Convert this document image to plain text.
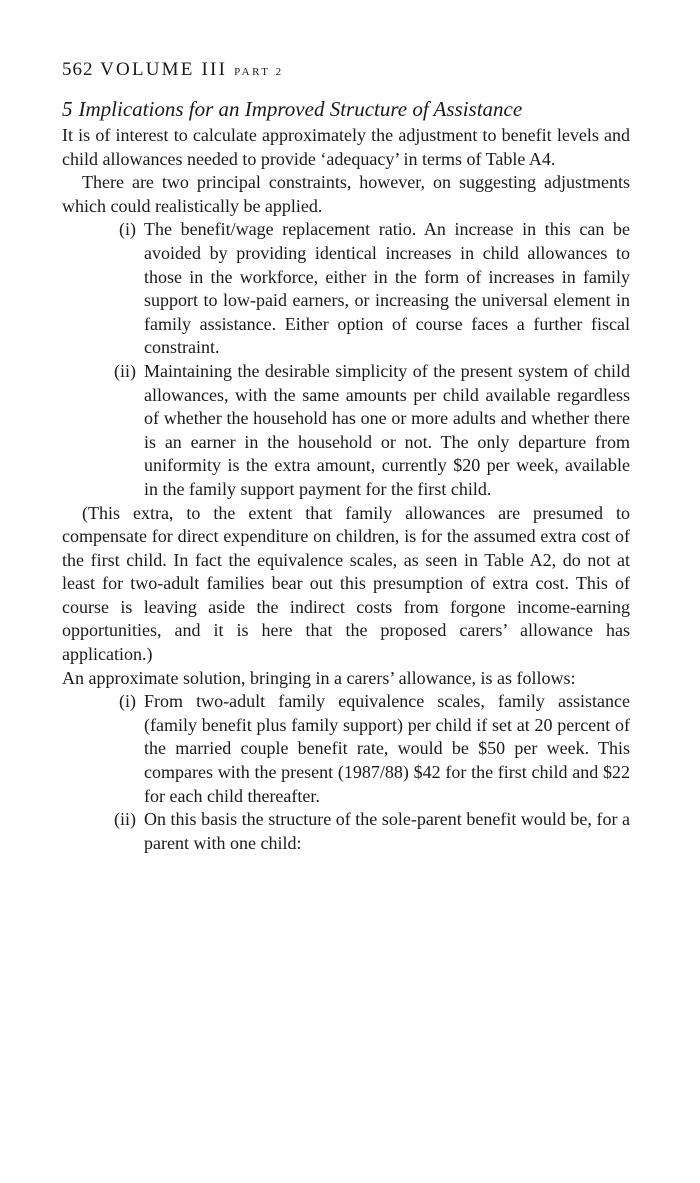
562 VOLUME III PART 2
5 Implications for an Improved Structure of Assistance

It is of interest to calculate approximately the adjustment to benefit levels and child allowances needed to provide ‘adequacy’ in terms of Table A4.

There are two principal constraints, however, on suggesting adjustments which could realistically be applied.

(i) The benefit/wage replacement ratio. An increase in this can be avoided by providing identical increases in child allowances to those in the workforce, either in the form of increases in family support to low-paid earners, or increasing the universal element in family assistance. Either option of course faces a further fiscal constraint.
(ii) Maintaining the desirable simplicity of the present system of child allowances, with the same amounts per child available regardless of whether the household has one or more adults and whether there is an earner in the household or not. The only departure from uniformity is the extra amount, currently $20 per week, available in the family support payment for the first child.

(This extra, to the extent that family allowances are presumed to compensate for direct expenditure on children, is for the assumed extra cost of the first child. In fact the equivalence scales, as seen in Table A2, do not at least for two-adult families bear out this presumption of extra cost. This of course is leaving aside the indirect costs from forgone income-earning opportunities, and it is here that the proposed carers’ allowance has application.)

An approximate solution, bringing in a carers’ allowance, is as follows:

(i) From two-adult family equivalence scales, family assistance (family benefit plus family support) per child if set at 20 percent of the married couple benefit rate, would be $50 per week. This compares with the present (1987/88) $42 for the first child and $22 for each child thereafter.
(ii) On this basis the structure of the sole-parent benefit would be, for a parent with one child:
